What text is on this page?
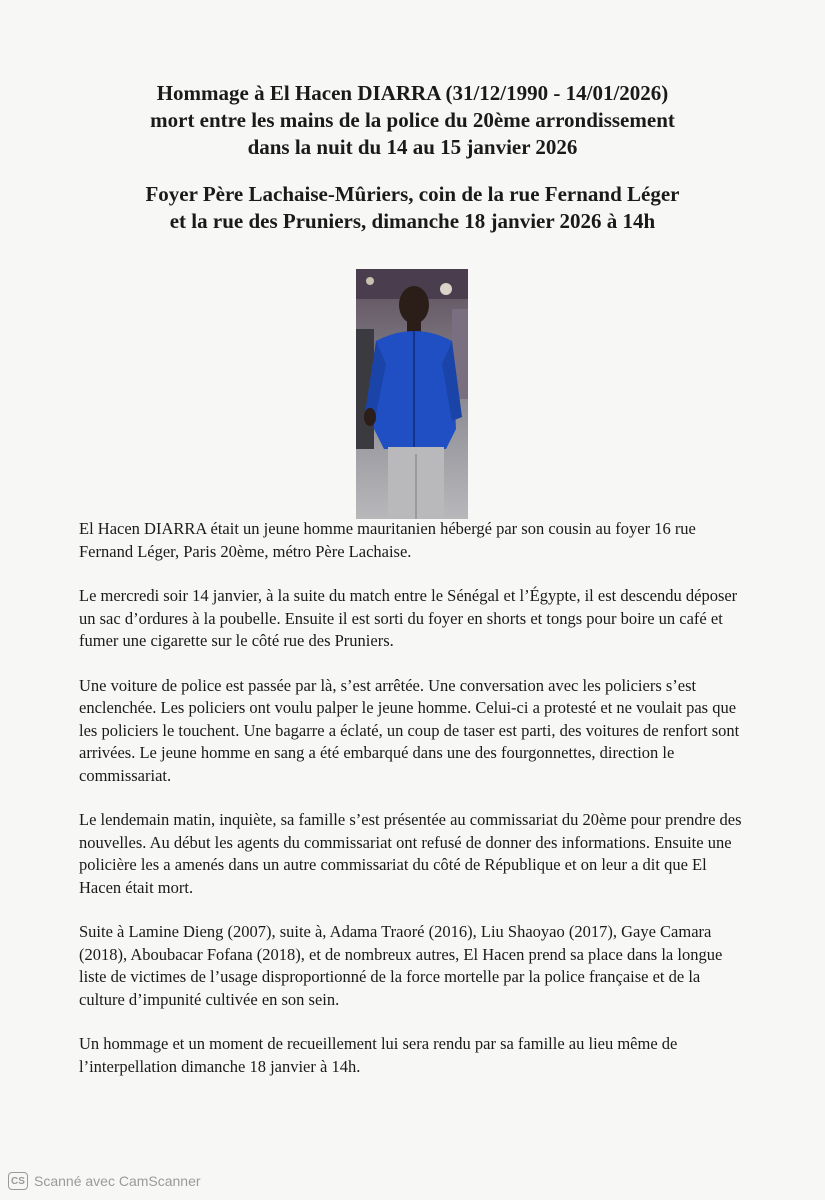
Hommage à El Hacen DIARRA (31/12/1990 - 14/01/2026)
mort entre les mains de la police du 20ème arrondissement
dans la nuit du 14 au 15 janvier 2026
Foyer Père Lachaise-Mûriers, coin de la rue Fernand Léger
et la rue des Pruniers, dimanche 18 janvier 2026 à 14h

El Hacen DIARRA était un jeune homme mauritanien hébergé par son cousin au foyer 16 rue
Fernand Léger, Paris 20ème, métro Père Lachaise.

Le mercredi soir 14 janvier, à la suite du match entre le Sénégal et l’Égypte, il est descendu déposer
un sac d’ordures à la poubelle. Ensuite il est sorti du foyer en shorts et tongs pour boire un café et
fumer une cigarette sur le côté rue des Pruniers.

Une voiture de police est passée par là, s’est arrêtée. Une conversation avec les policiers s’est
enclenchée. Les policiers ont voulu palper le jeune homme. Celui-ci a protesté et ne voulait pas que
les policiers le touchent. Une bagarre a éclaté, un coup de taser est parti, des voitures de renfort sont
arrivées. Le jeune homme en sang a été embarqué dans une des fourgonnettes, direction le
commissariat.

Le lendemain matin, inquiète, sa famille s’est présentée au commissariat du 20ème pour prendre des
nouvelles. Au début les agents du commissariat ont refusé de donner des informations. Ensuite une
policière les a amenés dans un autre commissariat du côté de République et on leur a dit que El
Hacen était mort.

Suite à Lamine Dieng (2007), suite à, Adama Traoré (2016), Liu Shaoyao (2017), Gaye Camara
(2018), Aboubacar Fofana (2018), et de nombreux autres, El Hacen prend sa place dans la longue
liste de victimes de l’usage disproportionné de la force mortelle par la police française et de la
culture d’impunité cultivée en son sein.

Un hommage et un moment de recueillement lui sera rendu par sa famille au lieu même de
l’interpellation dimanche 18 janvier à 14h.

CS Scanné avec CamScanner
